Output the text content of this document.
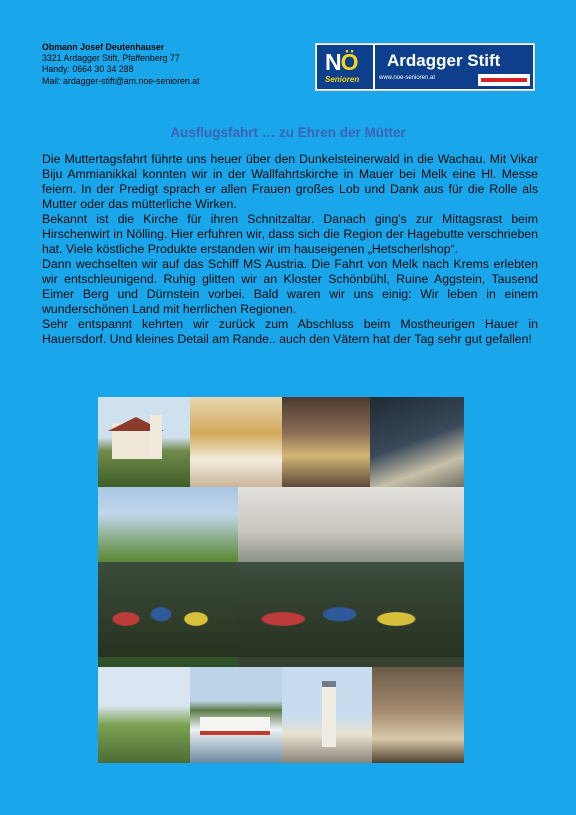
Obmann Josef Deutenhauser
3321 Ardagger Stift, Pfaffenberg 77
Handy: 0664 30 34 288
Mail: ardagger-stift@am.noe-senioren.at
NÖ
Senioren
Ardagger Stift
www.noe-senioren.at
Ausflugsfahrt … zu Ehren der Mütter

Die Muttertagsfahrt führte uns heuer über den Dunkelsteinerwald in die Wachau. Mit Vikar Biju Ammianikkal konnten wir in der Wallfahrtskirche in Mauer bei Melk eine Hl. Messe feiern. In der Predigt sprach er allen Frauen großes Lob und Dank aus für die Rolle als Mutter oder das mütterliche Wirken.

Bekannt ist die Kirche für ihren Schnitzaltar. Danach ging's zur Mittagsrast beim Hirschenwirt in Nölling. Hier erfuhren wir, dass sich die Region der Hagebutte verschrieben hat. Viele köstliche Produkte erstanden wir im hauseigenen „Hetscherlshop“.

Dann wechselten wir auf das Schiff MS Austria. Die Fahrt von Melk nach Krems erlebten wir entschleunigend. Ruhig glitten wir an Kloster Schönbühl, Ruine Aggstein, Tausend Eimer Berg und Dürnstein vorbei. Bald waren wir uns einig: Wir leben in einem wunderschönen Land mit herrlichen Regionen.

Sehr entspannt kehrten wir zurück zum Abschluss beim Mostheurigen Hauer in Hauersdorf. Und kleines Detail am Rande.. auch den Vätern hat der Tag sehr gut gefallen!
